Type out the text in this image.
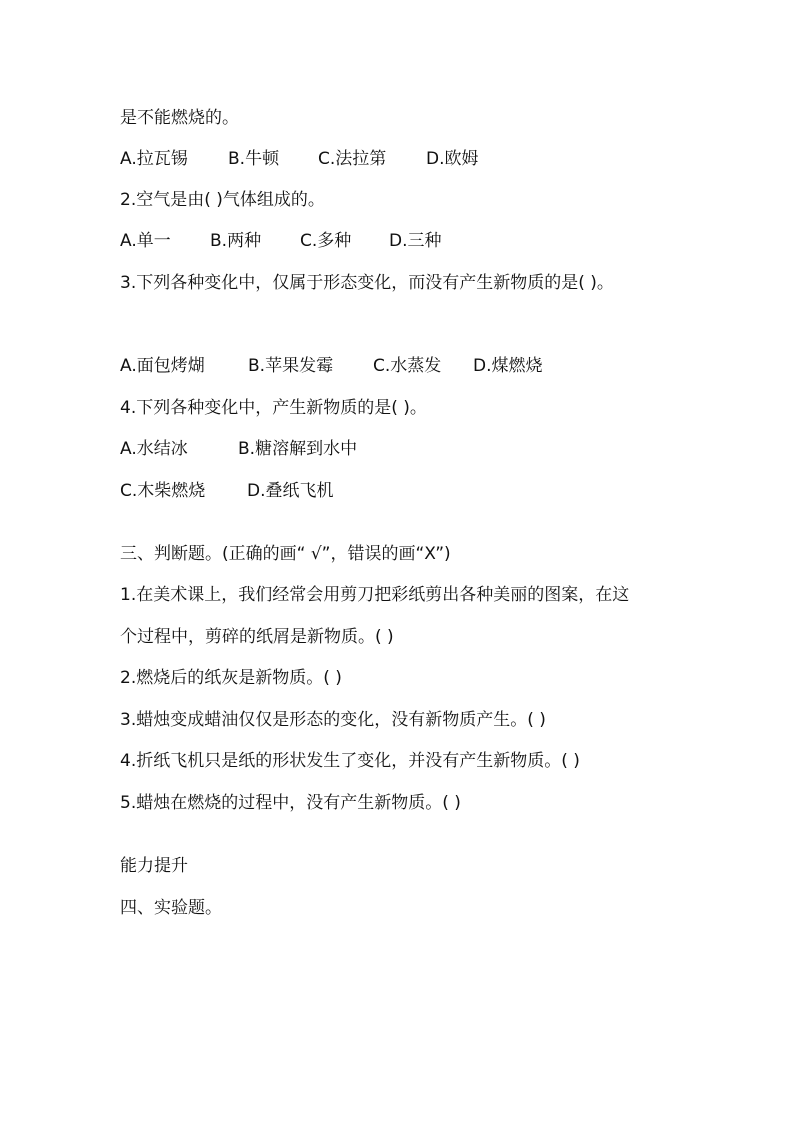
是不能燃烧的。
A.拉瓦锡 B.牛顿 C.法拉第 D.欧姆
2.空气是由( )气体组成的。
A.单一 B.两种 C.多种 D.三种
3.下列各种变化中，仅属于形态变化，而没有产生新物质的是( )。
A.面包烤煳	B.苹果发霉 C.水蒸发 D.煤燃烧
4.下列各种变化中，产生新物质的是( )。
A.水结冰	B.糖溶解到水中
C.木柴燃烧 D.叠纸飞机
三、判断题。(正确的画“ √”，错误的画“X”)
1.在美术课上，我们经常会用剪刀把彩纸剪出各种美丽的图案，在这
个过程中，剪碎的纸屑是新物质。( )
2.燃烧后的纸灰是新物质。( )
3.蜡烛变成蜡油仅仅是形态的变化，没有新物质产生。( )
4.折纸飞机只是纸的形状发生了变化，并没有产生新物质。( )
5.蜡烛在燃烧的过程中，没有产生新物质。( )
能力提升
四、实验题。
